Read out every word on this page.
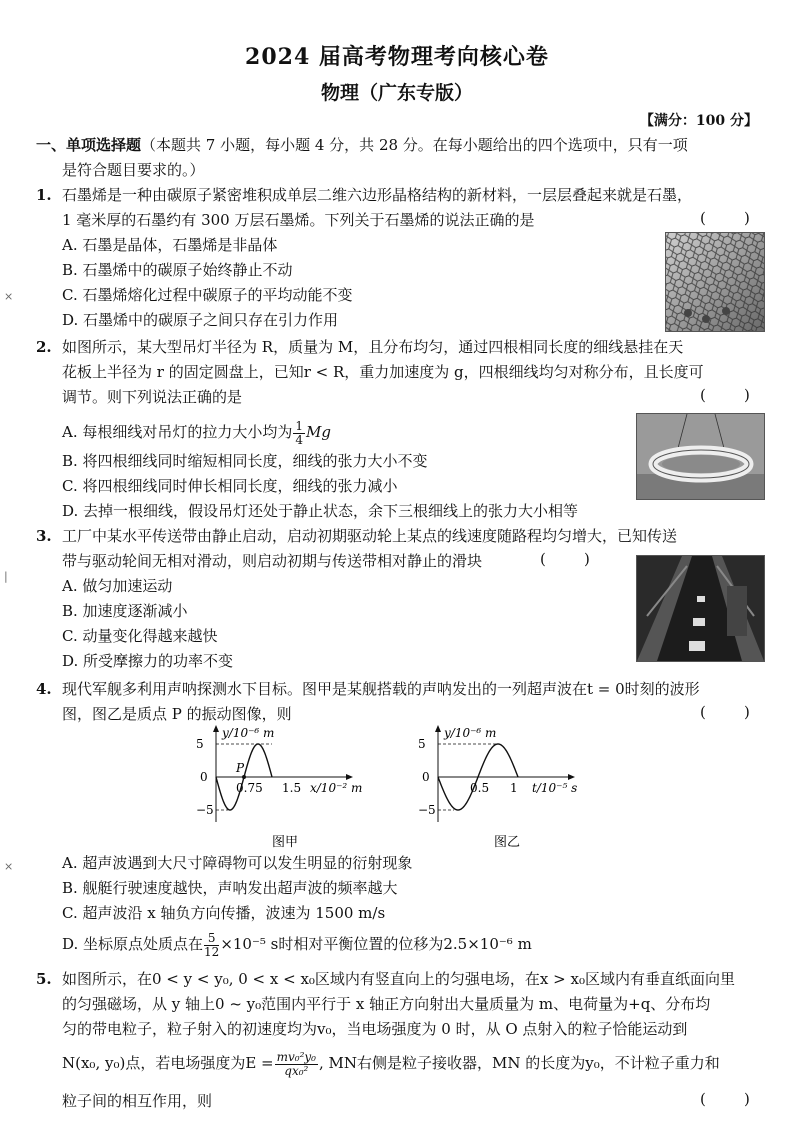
×
|
×
2024 届高考物理考向核心卷
物理（广东专版）
【满分：100 分】
一、单项选择题（本题共 7 小题，每小题 4 分，共 28 分。在每小题给出的四个选项中，只有一项
是符合题目要求的。）
1. 石墨烯是一种由碳原子紧密堆积成单层二维六边形晶格结构的新材料，一层层叠起来就是石墨，
1 毫米厚的石墨约有 300 万层石墨烯。下列关于石墨烯的说法正确的是	(        )
A. 石墨是晶体，石墨烯是非晶体
B. 石墨烯中的碳原子始终静止不动
C. 石墨烯熔化过程中碳原子的平均动能不变
D. 石墨烯中的碳原子之间只存在引力作用
2. 如图所示，某大型吊灯半径为 R，质量为 M，且分布均匀，通过四根相同长度的细线悬挂在天
花板上半径为 r 的固定圆盘上，已知r < R，重力加速度为 g，四根细线均匀对称分布，且长度可
调节。则下列说法正确的是	(        )
A. 每根细线对吊灯的拉力大小均为 $\frac{1}{4}$ Mg
B. 将四根细线同时缩短相同长度，细线的张力大小不变
C. 将四根细线同时伸长相同长度，细线的张力减小
D. 去掉一根细线，假设吊灯还处于静止状态，余下三根细线上的张力大小相等
3. 工厂中某水平传送带由静止启动，启动初期驱动轮上某点的线速度随路程均匀增大，已知传送
带与驱动轮间无相对滑动，则启动初期与传送带相对静止的滑块	(        )
A. 做匀加速运动
B. 加速度逐渐减小
C. 动量变化得越来越快
D. 所受摩擦力的功率不变
4. 现代军舰多利用声呐探测水下目标。图甲是某舰搭载的声呐发出的一列超声波在t = 0时刻的波形
图，图乙是质点 P 的振动图像，则	(        )
P
5
0
−5
0.75 1.5
y/10⁻⁶ m
x/10⁻² m
图甲
5
0
−5
0.5 1
y/10⁻⁶ m
t/10⁻⁵ s
图乙
A. 超声波遇到大尺寸障碍物可以发生明显的衍射现象
B. 舰艇行驶速度越快，声呐发出超声波的频率越大
C. 超声波沿 x 轴负方向传播，波速为 1500 m/s
D. 坐标原点处质点在 $\frac{5}{12} \times 10^{-5}$ s时相对平衡位置的位移为2.5×10⁻⁶ m
5. 如图所示，在0 < y < y₀, 0 < x < x₀区域内有竖直向上的匀强电场，在x > x₀区域内有垂直纸面向里
的匀强磁场，从 y 轴上0 ~ y₀范围内平行于 x 轴正方向射出大量质量为 m、电荷量为+q、分布均
匀的带电粒子，粒子射入的初速度均为v₀，当电场强度为 0 时，从 O 点射入的粒子恰能运动到
N(x₀, y₀)点，若电场强度为$E = \frac{\text{mv₀²y₀}}{\text{qx₀²}}$ , MN右侧是粒子接收器，MN 的长度为y₀，不计粒子重力和
粒子间的相互作用，则	(        )
